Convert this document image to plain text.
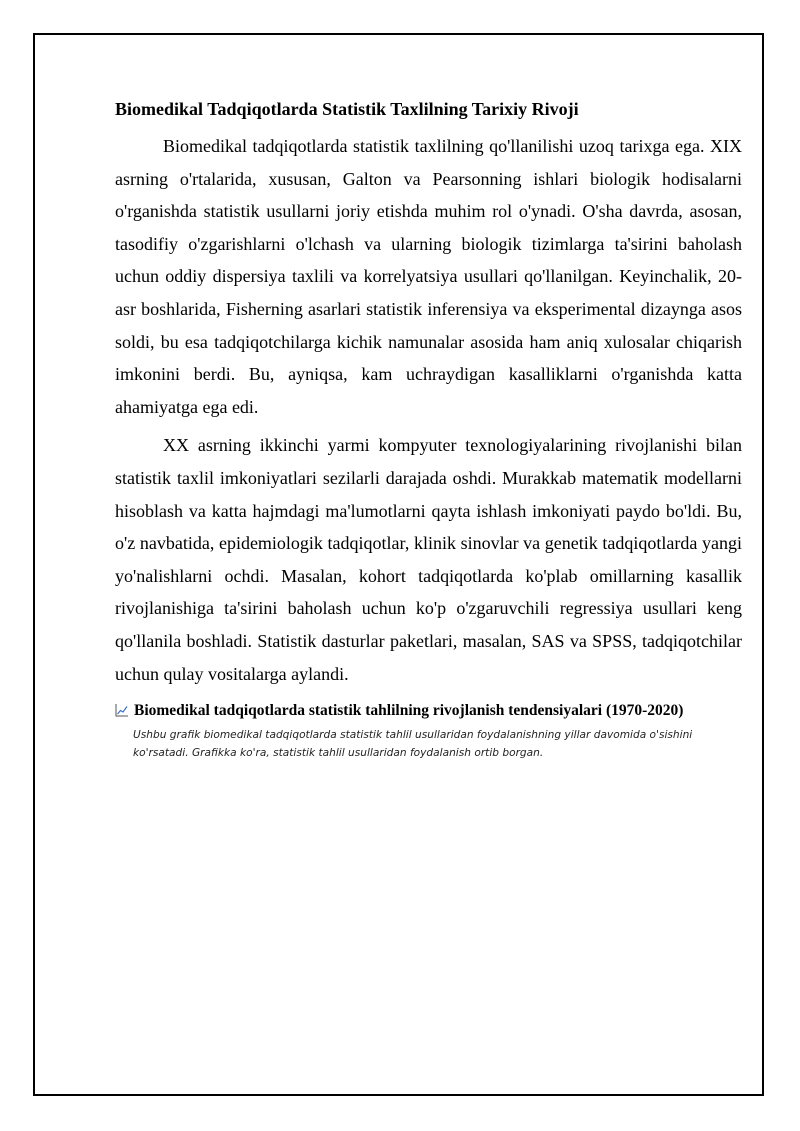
Biomedikal Tadqiqotlarda Statistik Taxlilning Tarixiy Rivoji

Biomedikal tadqiqotlarda statistik taxlilning qo'llanilishi uzoq tarixga ega. XIX asrning o'rtalarida, xususan, Galton va Pearsonning ishlari biologik hodisalarni o'rganishda statistik usullarni joriy etishda muhim rol o'ynadi. O'sha davrda, asosan, tasodifiy o'zgarishlarni o'lchash va ularning biologik tizimlarga ta'sirini baholash uchun oddiy dispersiya taxlili va korrelyatsiya usullari qo'llanilgan. Keyinchalik, 20-asr boshlarida, Fisherning asarlari statistik inferensiya va eksperimental dizaynga asos soldi, bu esa tadqiqotchilarga kichik namunalar asosida ham aniq xulosalar chiqarish imkonini berdi. Bu, ayniqsa, kam uchraydigan kasalliklarni o'rganishda katta ahamiyatga ega edi.

XX asrning ikkinchi yarmi kompyuter texnologiyalarining rivojlanishi bilan statistik taxlil imkoniyatlari sezilarli darajada oshdi. Murakkab matematik modellarni hisoblash va katta hajmdagi ma'lumotlarni qayta ishlash imkoniyati paydo bo'ldi. Bu, o'z navbatida, epidemiologik tadqiqotlar, klinik sinovlar va genetik tadqiqotlarda yangi yo'nalishlarni ochdi. Masalan, kohort tadqiqotlarda ko'plab omillarning kasallik rivojlanishiga ta'sirini baholash uchun ko'p o'zgaruvchili regressiya usullari keng qo'llanila boshladi. Statistik dasturlar paketlari, masalan, SAS va SPSS, tadqiqotchilar uchun qulay vositalarga aylandi.

Biomedikal tadqiqotlarda statistik tahlilning rivojlanish tendensiyalari (1970-2020)
Ushbu grafik biomedikal tadqiqotlarda statistik tahlil usullaridan foydalanishning yillar davomida o'sishini ko'rsatadi. Grafikka ko'ra, statistik tahlil usullaridan foydalanish ortib borgan.
